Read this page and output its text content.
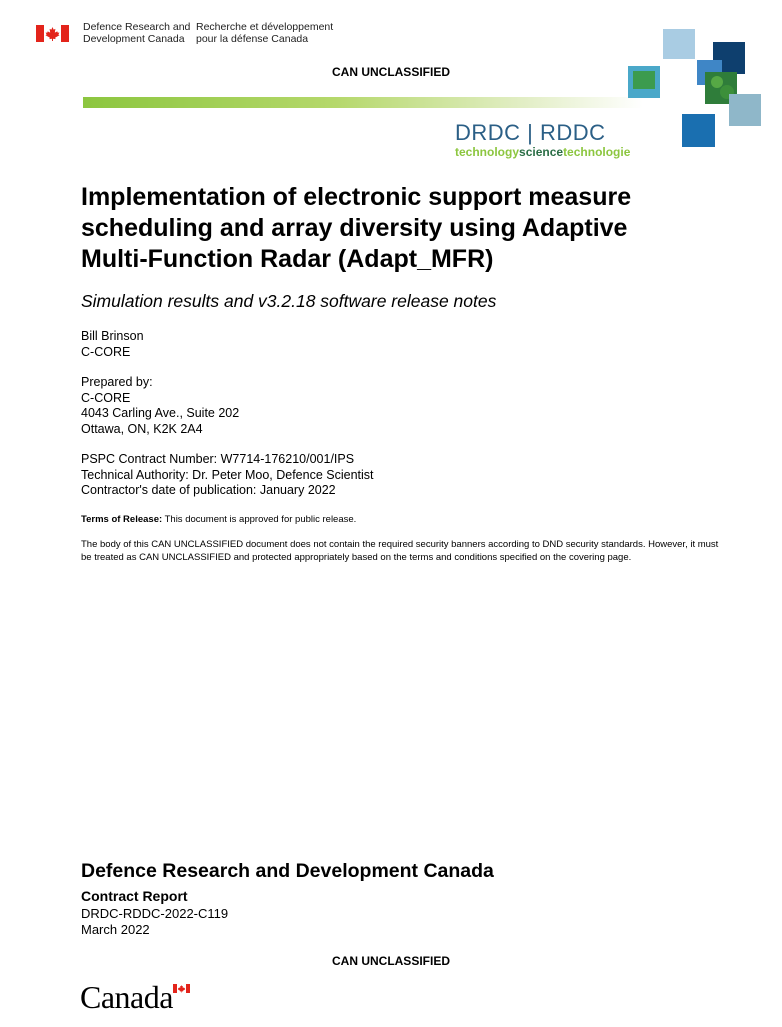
Defence Research and
Development Canada
Recherche et développement
pour la défense Canada
CAN UNCLASSIFIED
DRDC | RDDC
technologysciencetechnologie
Implementation of electronic support measure scheduling and array diversity using Adaptive Multi-Function Radar (Adapt_MFR)
Simulation results and v3.2.18 software release notes
Bill Brinson
C-CORE
Prepared by:
C-CORE
4043 Carling Ave., Suite 202
Ottawa, ON, K2K 2A4
PSPC Contract Number: W7714-176210/001/IPS
Technical Authority: Dr. Peter Moo, Defence Scientist
Contractor's date of publication: January 2022
Terms of Release: This document is approved for public release.
The body of this CAN UNCLASSIFIED document does not contain the required security banners according to DND security standards. However, it must be treated as CAN UNCLASSIFIED and protected appropriately based on the terms and conditions specified on the covering page.
Defence Research and Development Canada
Contract Report
DRDC-RDDC-2022-C119
March 2022
CAN UNCLASSIFIED
Canada
